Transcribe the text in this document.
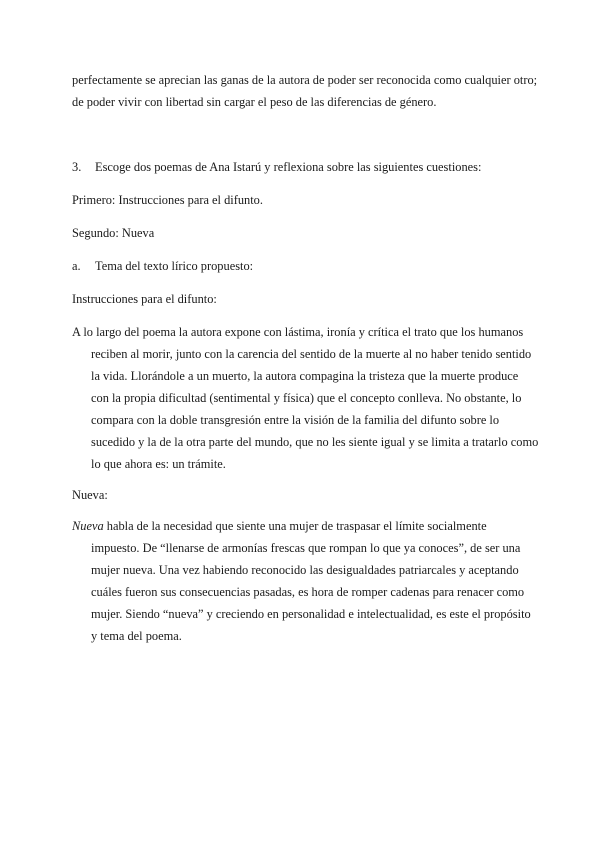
perfectamente se aprecian las ganas de la autora de poder ser reconocida como cualquier otro;
de poder vivir con libertad sin cargar el peso de las diferencias de género.
3. Escoge dos poemas de Ana Istarú y reflexiona sobre las siguientes cuestiones:
Primero: Instrucciones para el difunto.
Segundo: Nueva
a. Tema del texto lírico propuesto:
Instrucciones para el difunto:
A lo largo del poema la autora expone con lástima, ironía y crítica el trato que los humanos
reciben al morir, junto con la carencia del sentido de la muerte al no haber tenido sentido
la vida. Llorándole a un muerto, la autora compagina la tristeza que la muerte produce
con la propia dificultad (sentimental y física) que el concepto conlleva. No obstante, lo
compara con la doble transgresión entre la visión de la familia del difunto sobre lo
sucedido y la de la otra parte del mundo, que no les siente igual y se limita a tratarlo como
lo que ahora es: un trámite.
Nueva:
Nueva habla de la necesidad que siente una mujer de traspasar el límite socialmente
impuesto. De “llenarse de armonías frescas que rompan lo que ya conoces”, de ser una
mujer nueva. Una vez habiendo reconocido las desigualdades patriarcales y aceptando
cuáles fueron sus consecuencias pasadas, es hora de romper cadenas para renacer como
mujer. Siendo “nueva” y creciendo en personalidad e intelectualidad, es este el propósito
y tema del poema.
